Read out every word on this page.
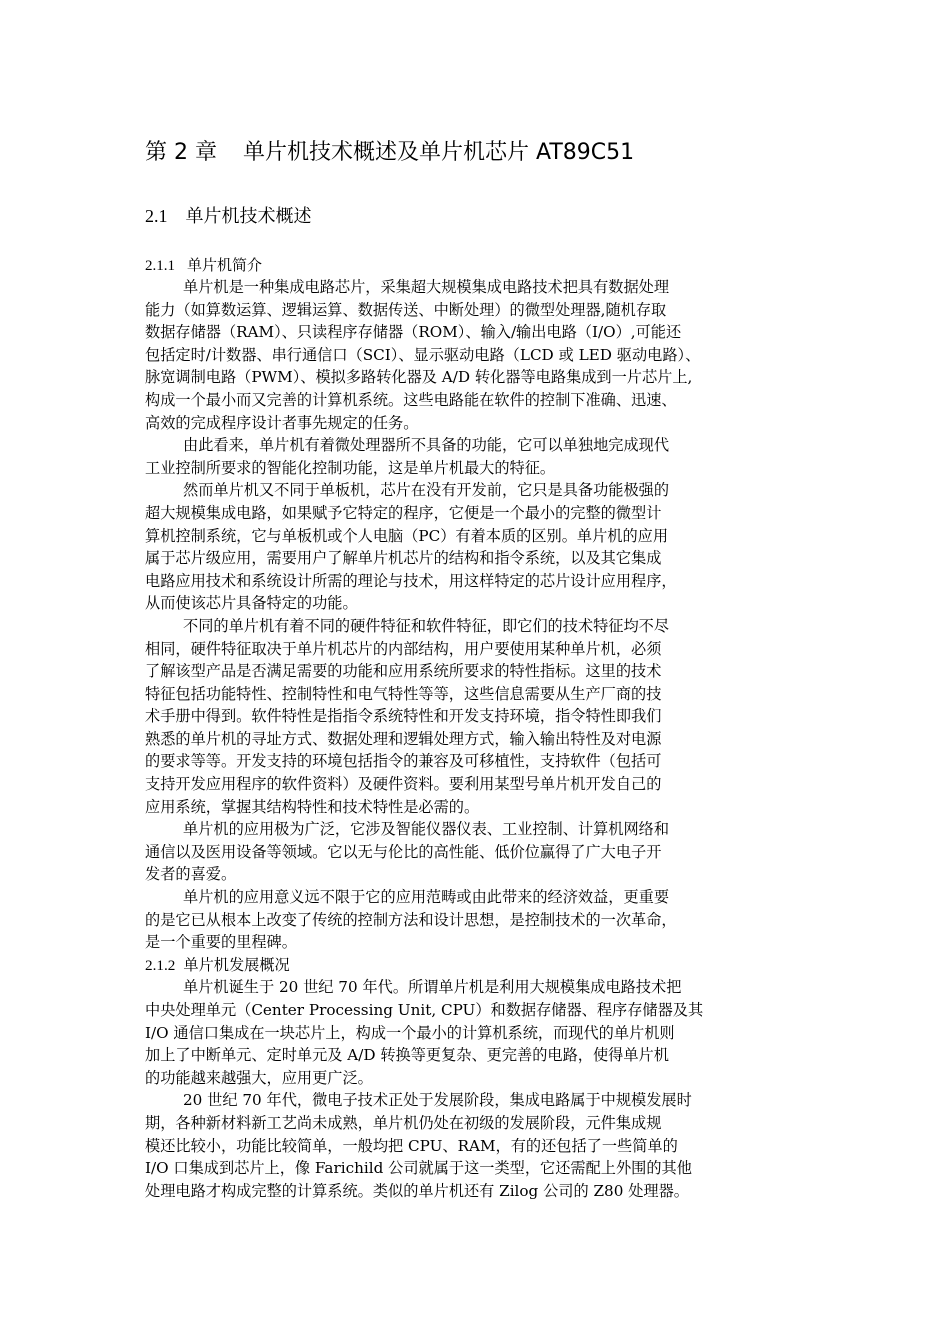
第 2 章 单片机技术概述及单片机芯片 AT89C51
2.1 单片机技术概述
2.1.1 单片机简介
单片机是一种集成电路芯片，采集超大规模集成电路技术把具有数据处理
能力（如算数运算、逻辑运算、数据传送、中断处理）的微型处理器,随机存取
数据存储器（RAM）、只读程序存储器（ROM）、输入/输出电路（I/O）,可能还
包括定时/计数器、串行通信口（SCI）、显示驱动电路（LCD 或 LED 驱动电路）、
脉宽调制电路（PWM）、模拟多路转化器及 A/D 转化器等电路集成到一片芯片上,
构成一个最小而又完善的计算机系统。这些电路能在软件的控制下准确、迅速、
高效的完成程序设计者事先规定的任务。
由此看来，单片机有着微处理器所不具备的功能，它可以单独地完成现代
工业控制所要求的智能化控制功能，这是单片机最大的特征。
然而单片机又不同于单板机，芯片在没有开发前，它只是具备功能极强的
超大规模集成电路，如果赋予它特定的程序，它便是一个最小的完整的微型计
算机控制系统，它与单板机或个人电脑（PC）有着本质的区别。单片机的应用
属于芯片级应用，需要用户了解单片机芯片的结构和指令系统，以及其它集成
电路应用技术和系统设计所需的理论与技术，用这样特定的芯片设计应用程序，
从而使该芯片具备特定的功能。
不同的单片机有着不同的硬件特征和软件特征，即它们的技术特征均不尽
相同，硬件特征取决于单片机芯片的内部结构，用户要使用某种单片机，必须
了解该型产品是否满足需要的功能和应用系统所要求的特性指标。这里的技术
特征包括功能特性、控制特性和电气特性等等，这些信息需要从生产厂商的技
术手册中得到。软件特性是指指令系统特性和开发支持环境，指令特性即我们
熟悉的单片机的寻址方式、数据处理和逻辑处理方式，输入输出特性及对电源
的要求等等。开发支持的环境包括指令的兼容及可移植性，支持软件（包括可
支持开发应用程序的软件资料）及硬件资料。要利用某型号单片机开发自己的
应用系统，掌握其结构特性和技术特性是必需的。
单片机的应用极为广泛，它涉及智能仪器仪表、工业控制、计算机网络和
通信以及医用设备等领域。它以无与伦比的高性能、低价位赢得了广大电子开
发者的喜爱。
单片机的应用意义远不限于它的应用范畴或由此带来的经济效益，更重要
的是它已从根本上改变了传统的控制方法和设计思想，是控制技术的一次革命，
是一个重要的里程碑。
2.1.2 单片机发展概况
单片机诞生于 20 世纪 70 年代。所谓单片机是利用大规模集成电路技术把
中央处理单元（Center Processing Unit, CPU）和数据存储器、程序存储器及其
I/O 通信口集成在一块芯片上，构成一个最小的计算机系统，而现代的单片机则
加上了中断单元、定时单元及 A/D 转换等更复杂、更完善的电路，使得单片机
的功能越来越强大，应用更广泛。
20 世纪 70 年代，微电子技术正处于发展阶段，集成电路属于中规模发展时
期，各种新材料新工艺尚未成熟，单片机仍处在初级的发展阶段，元件集成规
模还比较小，功能比较简单，一般均把 CPU、RAM，有的还包括了一些简单的
I/O 口集成到芯片上，像 Farichild 公司就属于这一类型，它还需配上外围的其他
处理电路才构成完整的计算系统。类似的单片机还有 Zilog 公司的 Z80 处理器。
